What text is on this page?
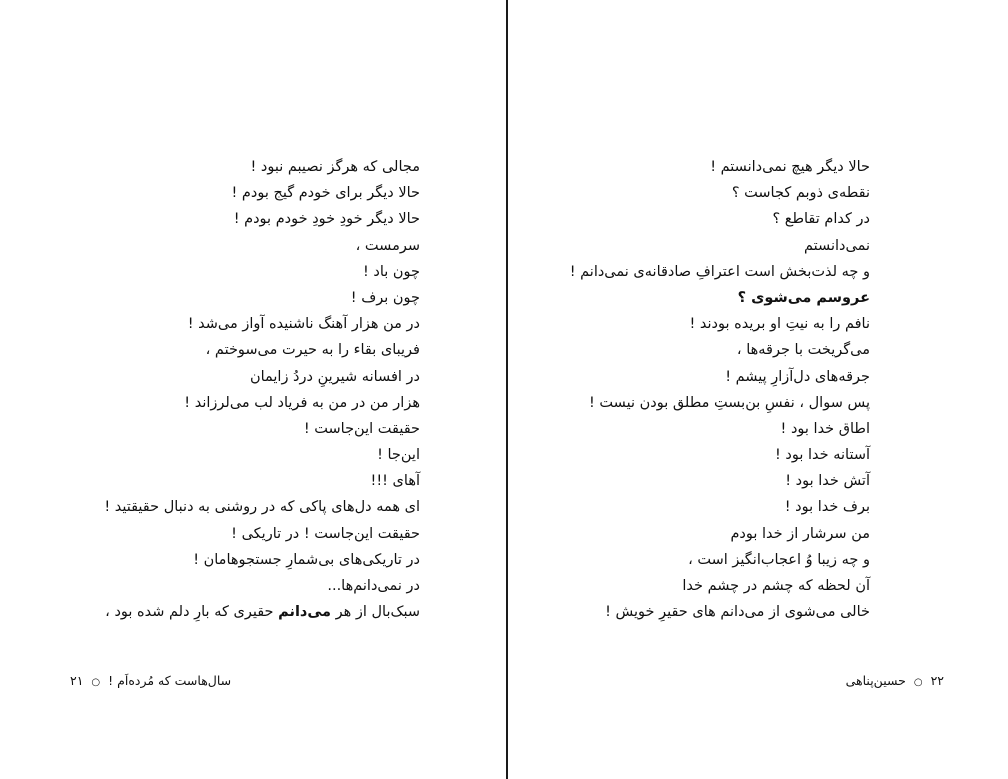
مجالی که هرگز نصیبم نبود !
حالا دیگر برای خودم گیج بودم !
حالا دیگر خودِ خودِ خودم بودم !
سرمست ،
چون باد !
چون برف !
در من هزار آهنگ ناشنیده آواز می‌شد !
فریبای بقاء را به حیرت می‌سوختم ،
در افسانه شیرینِ دردُ زایمان
هزار من در من به فریاد لب می‌لرزاند !
حقیقت این‌جاست !
این‌جا !
آهای !!!
ای همه دل‌های پاکی که در روشنی به دنبال حقیقتید !
حقیقت این‌جاست ! در تاریکی !
در تاریکی‌های بی‌شمارِ جستجوهامان !
در نمی‌دانم‌ها...
سبک‌بال از هر می‌دانم حقیری که بارِ دلم شده بود ،
سال‌هاست که مُرده‌اَم ! ○ ۲۱
حالا دیگر هیچ نمی‌دانستم !
نقطه‌ی ذوبم کجاست ؟
در کدام تقاطع ؟
نمی‌دانستم
و چه لذت‌بخش است اعترافِ صادقانه‌ی نمی‌دانم !
عروسم می‌شوی ؟
نافم را به نیتِ او بریده بودند !
می‌گریخت با جرقه‌ها ،
جرقه‌های دل‌آزارِ پیشم !
پس سوال ، نفسِ بن‌بستِ مطلق بودن نیست !
اطاق خدا بود !
آستانه خدا بود !
آتش خدا بود !
برف خدا بود !
من سرشار از خدا بودم
و چه زیبا وُ اعجاب‌انگیز است ،
آن لحظه که چشم در چشم خدا
خالی می‌شوی از می‌دانم های حقیرِ خویش !
۲۲ ○ حسین‌پناهی
